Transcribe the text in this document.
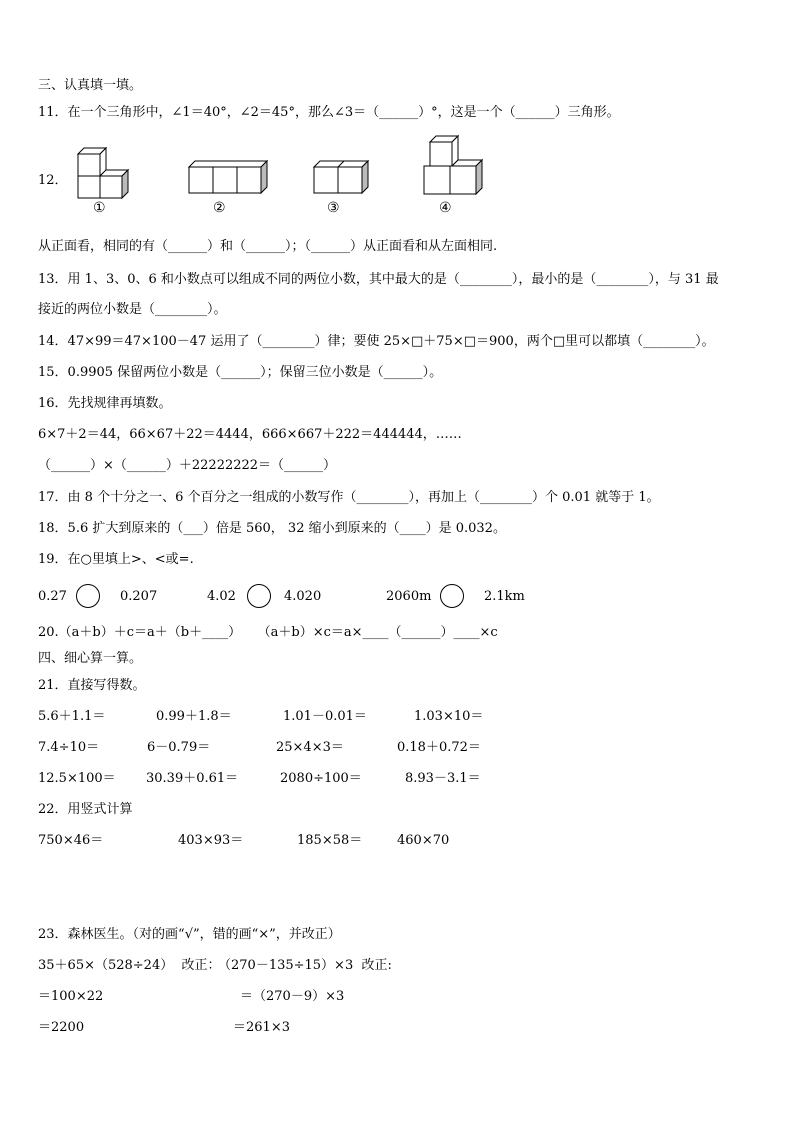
三、认真填一填。
11．在一个三角形中，∠1＝40°，∠2＝45°，那么∠3＝（______）°，这是一个（______）三角形。
12．
①	②	③	④
从正面看，相同的有（______）和（______）；（______）从正面看和从左面相同.
13．用 1、3、0、6 和小数点可以组成不同的两位小数，其中最大的是（________），最小的是（________），与 31 最
接近的两位小数是（________）。
14．47×99＝47×100－47 运用了（________）律；要使 25×□＋75×□＝900，两个□里可以都填（________）。
15．0.9905 保留两位小数是（______）；保留三位小数是（______）。
16．先找规律再填数。
6×7＋2＝44，66×67＋22＝4444，666×667＋222＝444444，……
（______）×（______）＋22222222＝（______）
17．由 8 个十分之一、6 个百分之一组成的小数写作（________），再加上（________）个 0.01 就等于 1。
18．5.6 扩大到原来的（___）倍是 560， 32 缩小到原来的（____）是 0.032。
19．在○里填上>、<或=.
0.27	0.207	4.02	4.020	2060m	2.1km
20.（a＋b）＋c＝a＋（b＋____）    （a＋b）×c＝a×____（______）____×c
四、细心算一算。
21．直接写得数。
5.6＋1.1＝	0.99＋1.8＝	1.01－0.01＝	1.03×10＝
7.4÷10＝	6－0.79＝	25×4×3＝	0.18＋0.72＝
12.5×100＝ 30.39＋0.61＝	2080÷100＝	8.93－3.1＝
22．用竖式计算
750×46＝	403×93＝	185×58＝	460×70
23．森林医生。（对的画“√”，错的画“×”，并改正）
35＋65×（528÷24）  改正：
（270－135÷15）×3  改正:
＝100×22	＝（270－9）×3
＝2200	＝261×3
